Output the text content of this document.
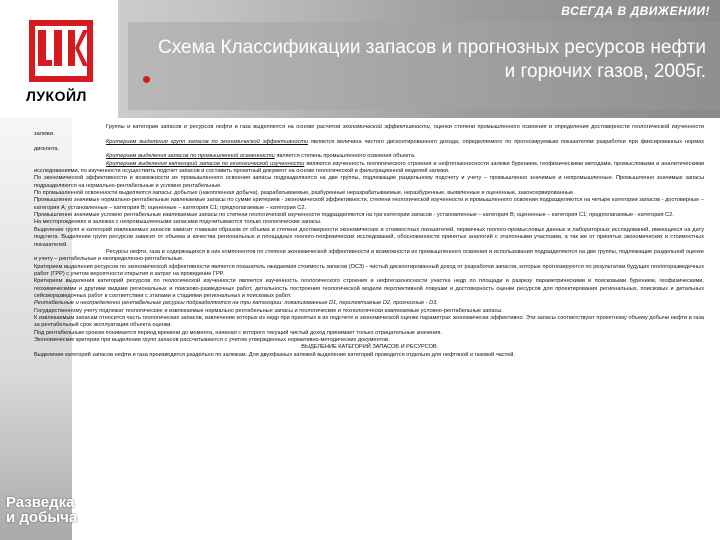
ВСЕГДА В ДВИЖЕНИИ!
Схема Классификации запасов и прогнозных ресурсов нефти
и горючих газов, 2005г.
ЛУКОЙЛ
Разведка
и добыча

Группы и категории запасов и ресурсов нефти и газа выделяются на основе расчетов экономической эффективности, оценки степени промышленного освоения и определения достоверности геологической изученности залежи.

Критерием выделения групп запасов по экономической эффективности является величина чистого дисконтированного дохода, определяемого по прогнозируемым показателям разработки при фиксированных нормах дисконта.

Критерием выделения запасов по промышленной освоенности является степень промышленного освоения объекта.

Критерием выделения категорий запасов по геологической изученности являются изученность геологического строения и нефтегазоносности залежи бурением, геофизическими методами, промысловыми и аналитическими исследованиями, по изученности осуществить подсчет запасов и составить проектный документ на основе геологической и фильтрационной моделей залежи.

По экономической эффективности и возможности их промышленного освоения запасы подразделяются на две группы, подлежащие раздельному подсчету и учету – промышленно значимые и непромышленные. Промышленно значимые запасы подразделяются на нормально-рентабельные и условно рентабельные.

По промышленной освоенности выделяются запасы: добытые (накопленная добыча), разрабатываемые, разбуренные неразрабатываемые, неразбуренные, выявленные и оцененные, законсервированные.

Промышленно значимые нормально-рентабельные извлекаемые запасы по сумме критериев - экономической эффективности, степени геологической изученности и промышленного освоения подразделяются на четыре категории запасов - достоверные – категория А; установленные – категория В; оцененные – категория С1; предполагаемые – категория С2.

Промышленно значимые условно рентабельные извлекаемые запасы по степени геологической изученности подразделяются на три категории запасов - установленные – категория В; оцененные – категория С1; предполагаемые - категория С2.

На месторождениях и залежах с непромышленными запасами подсчитываются только геологические запасы.

Выделение групп и категорий извлекаемых запасов зависит главным образом от объема и степени достоверности экономических и стоимостных показателей, первичных геолого-промысловых данных и лабораторных исследований, имеющихся на дату подсчета. Выделение групп ресурсов зависит от объема и качества региональных и площадных геолого-геофизических исследований, обоснованности принятых аналогий с эталонными участками, а так же от принятых экономических и стоимостных показателей.

Ресурсы нефти, газа и содержащихся в них компонентов по степени экономической эффективности и возможности их промышленного освоения и использования подразделяются на две группы, подлежащие раздельной оценке и учету – рентабельные и неопределенно-рентабельные.

Критерием выделения ресурсов по экономической эффективности является показатель ожидаемая стоимость запасов (ОСЗ) - чистый дисконтированный доход от разработки запасов, которые прогнозируются по результатам будущих геологоразведочных работ (ГРР) с учетом вероятности открытия и затрат на проведение ГРР.

Критерием выделения категорий ресурсов по геологической изученности является изученность геологического строения и нефтегазоносности участка недр по площади и разрезу параметрическими и поисковыми бурением, геофизическими, геохимическими и другими видами региональных и поисково-разведочных работ, детальность построения геологической модели перспективной ловушки и достоверность оценки ресурсов для проектирования региональных, поисковых и детальных сейсморазведочных работ в соответствии с этапами и стадиями региональных и поисковых работ.

Рентабельные и неопределенно рентабельные ресурсы подразделяются на три категории: локализованные D1, перспективные D2, прогнозные - D3.

Государственному учету подлежат геологические и извлекаемые нормально рентабельные запасы и геологические и технологически извлекаемые условно-рентабельные запасы.

К извлекаемым запасам относится часть геологических запасов, извлечение которых из недр при принятых в их подсчете и экономической оценке параметрах экономически эффективно. Эти запасы соответствуют проектному объему добычи нефти и газа за рентабельный срок эксплуатации объекта оценки.

Под рентабельным сроком понимается период времени до момента, начиная с которого текущий чистый доход принимает только отрицательные значения.

Экономические критерии при выделении групп запасов рассчитываются с учетом утвержденных нормативно-методических документов.

ВЫДЕЛЕНИЕ КАТЕГОРИЙ ЗАПАСОВ И РЕСУРСОВ

Выделение категорий запасов нефти и газа производится раздельно по залежам. Для двухфазных залежей выделение категорий проводится отдельно для нефтяной и газовой частей.
